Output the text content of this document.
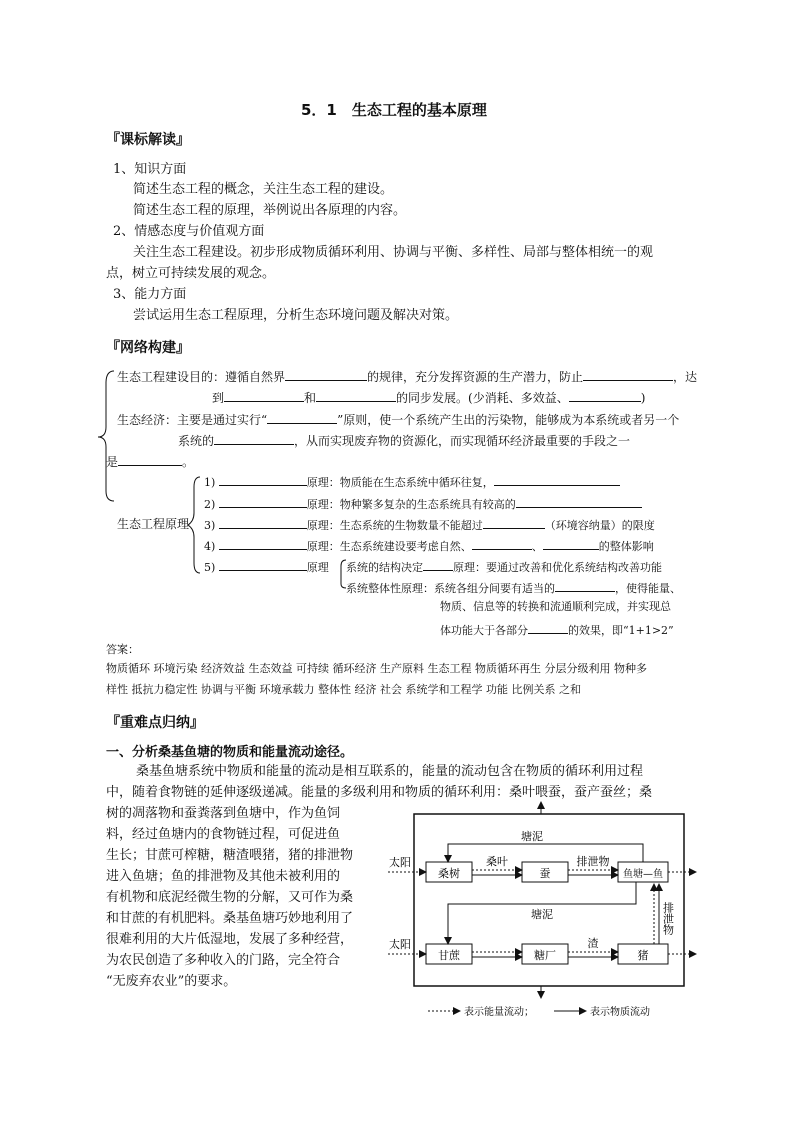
5．1　生态工程的基本原理
『课标解读』
1、知识方面
简述生态工程的概念，关注生态工程的建设。
简述生态工程的原理，举例说出各原理的内容。
2、情感态度与价值观方面
关注生态工程建设。初步形成物质循环利用、协调与平衡、多样性、局部与整体相统一的观
点，树立可持续发展的观念。
3、能力方面
尝试运用生态工程原理，分析生态环境问题及解决对策。
『网络构建』
生态工程建设目的：遵循自然界	的规律，充分发挥资源的生产潜力，防止	，达
到	和	的同步发展。(少消耗、多效益、	)
生态经济：主要是通过实行“	”原则，使一个系统产生出的污染物，能够成为本系统或者另一个
系统的	，从而实现废弃物的资源化，而实现循环经济最重要的手段之一
是	。
生态工程原理
1)	原理：物质能在生态系统中循环往复，
2)	原理：物种繁多复杂的生态系统具有较高的
3)	原理：生态系统的生物数量不能超过	（环境容纳量）的限度
4)	原理：生态系统建设要考虑自然、	、	的整体影响
5)	原理 系统的结构决定	原理：要通过改善和优化系统结构改善功能
系统整体性原理：系统各组分间要有适当的	，使得能量、
物质、信息等的转换和流通顺利完成，并实现总
体功能大于各部分	的效果，即“1+1>2”
答案：
物质循环 环境污染 经济效益 生态效益 可持续 循环经济 生产原料 生态工程 物质循环再生 分层分级利用 物种多
样性 抵抗力稳定性 协调与平衡 环境承载力 整体性 经济 社会 系统学和工程学 功能 比例关系 之和
『重难点归纳』
一、分析桑基鱼塘的物质和能量流动途径。
桑基鱼塘系统中物质和能量的流动是相互联系的，能量的流动包含在物质的循环利用过程
中，随着食物链的延伸逐级递减。能量的多级利用和物质的循环利用：桑叶喂蚕，蚕产蚕丝；桑
树的凋落物和蚕粪落到鱼塘中，作为鱼饲
料，经过鱼塘内的食物链过程，可促进鱼
生长；甘蔗可榨糖，糖渣喂猪，猪的排泄物
进入鱼塘；鱼的排泄物及其他未被利用的
有机物和底泥经微生物的分解，又可作为桑
和甘蔗的有机肥料。桑基鱼塘巧妙地利用了
很难利用的大片低湿地，发展了多种经营，
为农民创造了多种收入的门路，完全符合
“无废弃农业”的要求。
太阳
太阳
桑树	蚕	鱼塘—鱼
甘蔗	糖厂	猪
桑叶	排泄物
塘泥
塘泥
渣
排泄物
表示能量流动；	表示物质流动
